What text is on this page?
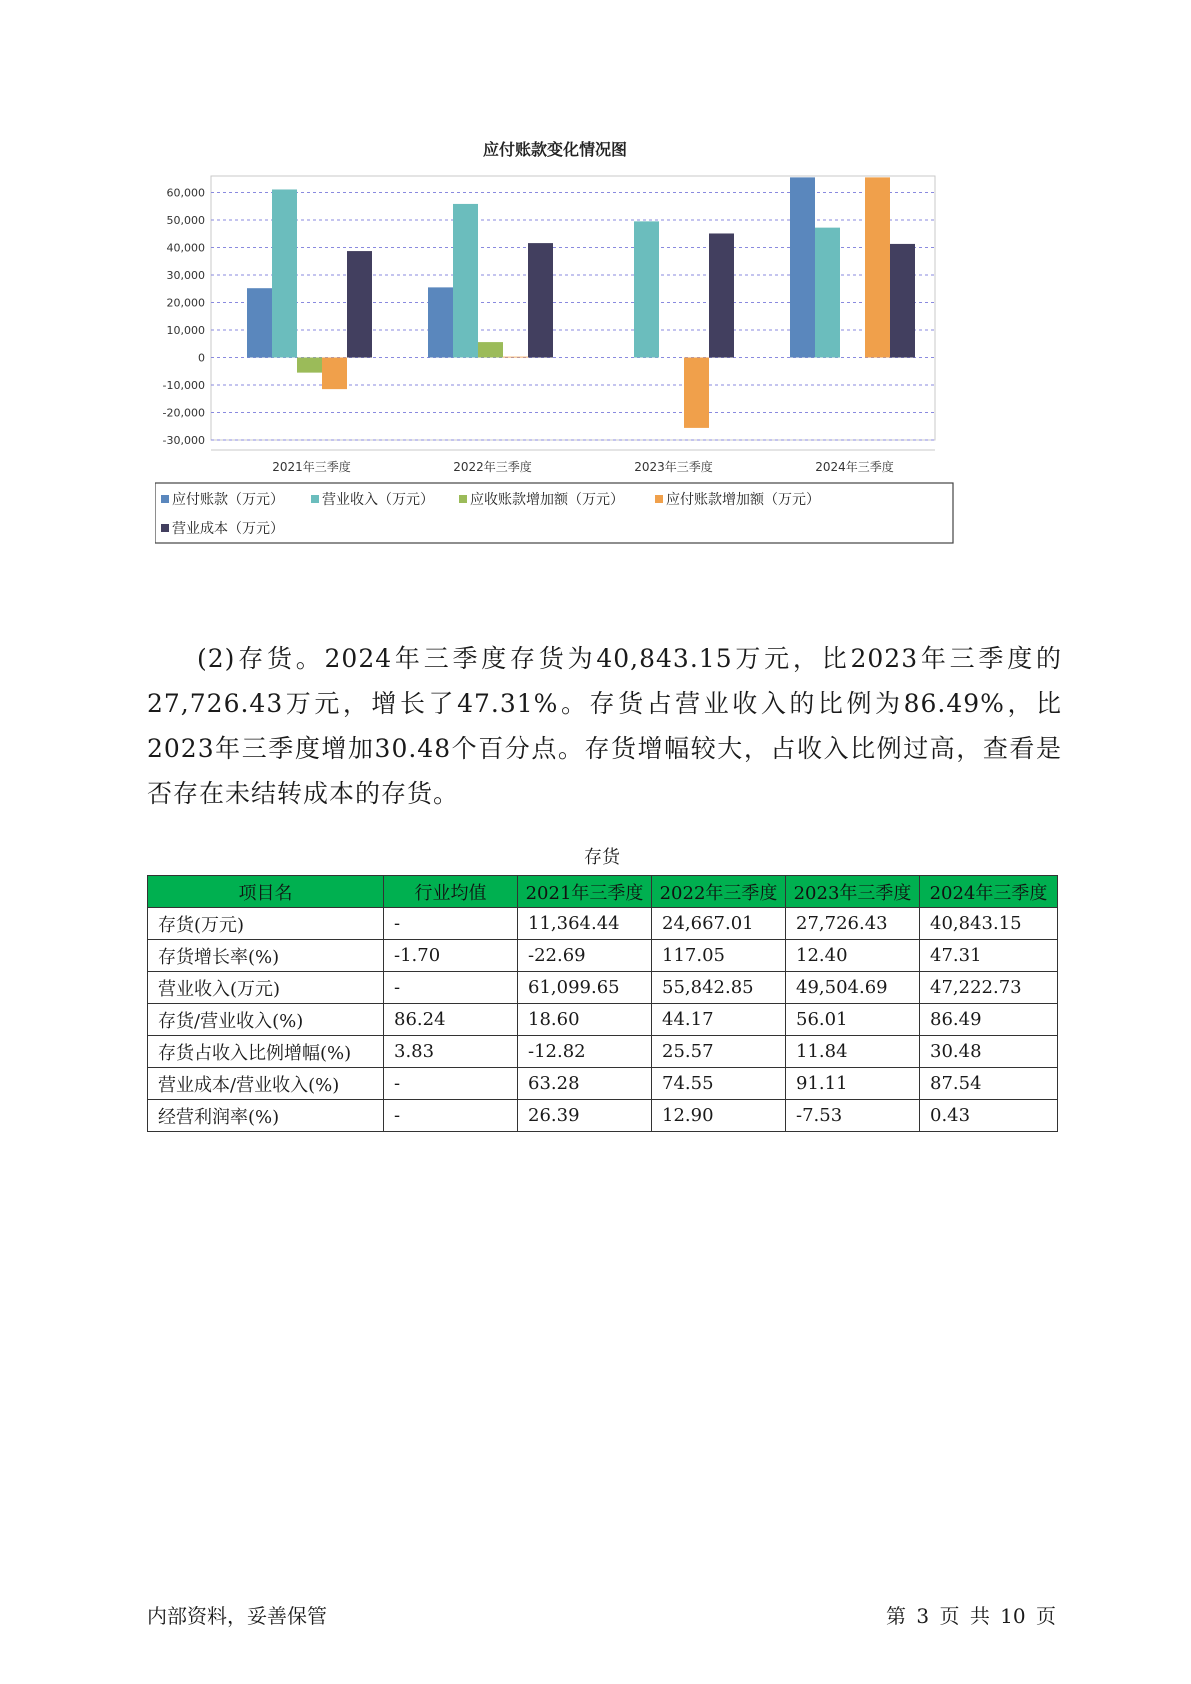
应付账款变化情况图
60,000
50,000
40,000
30,000
20,000
10,000
0
-10,000
-20,000
-30,000
2021年三季度	2022年三季度	2023年三季度	2024年三季度
应付账款（万元）	营业收入（万元）	应收账款增加额（万元）	应付账款增加额（万元）
营业成本（万元）

(2)存货。2024年三季度存货为40,843.15万元，比2023年三季度的27,726.43万元，增长了47.31%。存货占营业收入的比例为86.49%，比2023年三季度增加30.48个百分点。存货增幅较大，占收入比例过高，查看是否存在未结转成本的存货。

存货
项目名	行业均值	2021年三季度	2022年三季度	2023年三季度	2024年三季度
存货(万元)	-	11,364.44	24,667.01	27,726.43	40,843.15
存货增长率(%)	-1.70	-22.69	117.05	12.40	47.31
营业收入(万元)	-	61,099.65	55,842.85	49,504.69	47,222.73
存货/营业收入(%)	86.24	18.60	44.17	56.01	86.49
存货占收入比例增幅(%)	3.83	-12.82	25.57	11.84	30.48
营业成本/营业收入(%)	-	63.28	74.55	91.11	87.54
经营利润率(%)	-	26.39	12.90	-7.53	0.43
内部资料，妥善保管	第 3 页 共 10 页
